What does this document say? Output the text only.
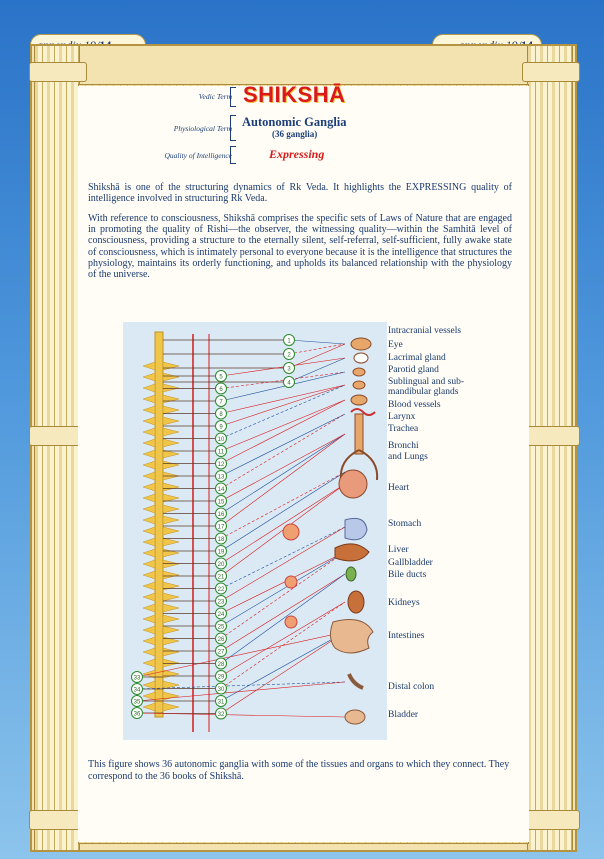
Vedic Term SHIKSHĀ
Physiological Term Autonomic Ganglia
(36 ganglia)
Quality of Intelligence	Expressing

Shikshā is one of the structuring dynamics of Rk Veda. It highlights the EXPRESSING quality of intelligence involved in structuring Rk Veda.

With reference to consciousness, Shikshā comprises the specific sets of Laws of Nature that are engaged in promoting the quality of Rishi—the observer, the witnessing quality—within the Samhitā level of consciousness, providing a structure to the eternally silent, self-referral, self-sufficient, fully awake state of consciousness, which is intimately personal to everyone because it is the intelligence that structures the physiology, maintains its orderly functioning, and upholds its balanced relationship with the physiology of the universe.

1
2
3
4
5
6
7
8
9
10
11
12
13
14
15
16
17
18
19
20
21
22
23
24
25
26
27
28
29
30
31
32
33
34
35
36
Intracranial vessels
Eye
Lacrimal gland
Parotid gland
Sublingual and sub-
mandibular glands
Blood vessels
Larynx
Trachea
Bronchi
and Lungs
Heart
Stomach
Liver
Gallbladder
Bile ducts
Kidneys
Intestines
Distal colon
Bladder

This figure shows 36 autonomic ganglia with some of the tissues and organs to which they connect. They correspond to the 36 books of Shikshā.
